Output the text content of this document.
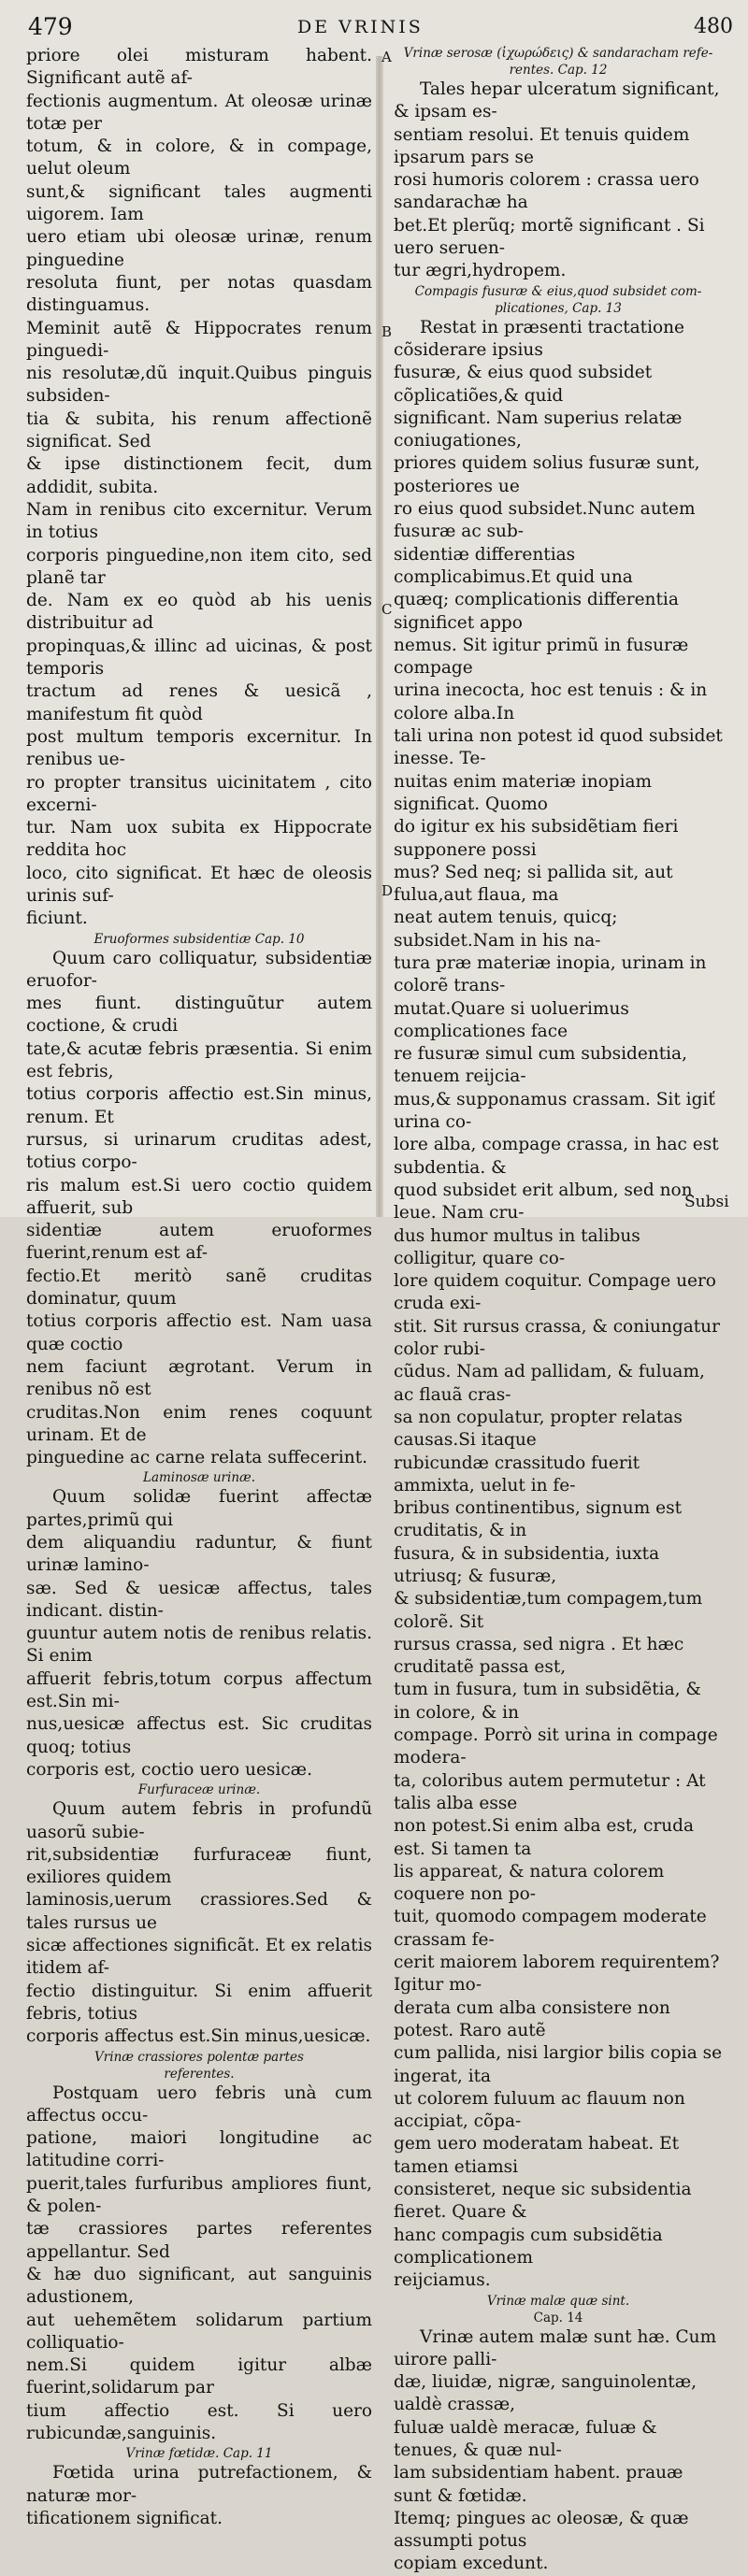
479	DE VRINIS	480

priore olei misturam habent. Significant autẽ af-
fectionis augmentum. At oleosæ urinæ totæ per
totum, & in colore, & in compage, uelut oleum
sunt,& significant tales augmenti uigorem. Iam
uero etiam ubi oleosæ urinæ, renum pinguedine
resoluta fiunt, per notas quasdam distinguamus.
Meminit autẽ & Hippocrates renum pinguedi-
nis resolutæ,dũ inquit.Quibus pinguis subsiden-
tia & subita, his renum affectionẽ significat. Sed
& ipse distinctionem fecit, dum addidit, subita.
Nam in renibus cito excernitur. Verum in totius
corporis pinguedine,non item cito, sed planẽ tar
de. Nam ex eo quòd ab his uenis distribuitur ad
propinquas,& illinc ad uicinas, & post temporis
tractum ad renes & uesicã , manifestum fit quòd
post multum temporis excernitur. In renibus ue-
ro propter transitus uicinitatem , cito excerni-
tur. Nam uox subita ex Hippocrate reddita hoc
loco, cito significat. Et hæc de oleosis urinis suf-
ficiunt.

Eruoformes subsidentiæ Cap. 10

Quum caro colliquatur, subsidentiæ eruofor-
mes fiunt. distinguũtur autem coctione, & crudi
tate,& acutæ febris præsentia. Si enim est febris,
totius corporis affectio est.Sin minus, renum. Et
rursus, si urinarum cruditas adest, totius corpo-
ris malum est.Si uero coctio quidem affuerit, sub
sidentiæ autem eruoformes fuerint,renum est af-
fectio.Et meritò sanẽ cruditas dominatur, quum
totius corporis affectio est. Nam uasa quæ coctio
nem faciunt ægrotant. Verum in renibus nõ est
cruditas.Non enim renes coquunt urinam. Et de
pinguedine ac carne relata suffecerint.

Laminosæ urinæ.

Quum solidæ fuerint affectæ partes,primũ qui
dem aliquandiu raduntur, & fiunt urinæ lamino-
sæ. Sed & uesicæ affectus, tales indicant. distin-
guuntur autem notis de renibus relatis. Si enim
affuerit febris,totum corpus affectum est.Sin mi-
nus,uesicæ affectus est. Sic cruditas quoq; totius
corporis est, coctio uero uesicæ.

Furfuraceæ urinæ.

Quum autem febris in profundũ uasorũ subie-
rit,subsidentiæ furfuraceæ fiunt, exiliores quidem
laminosis,uerum crassiores.Sed & tales rursus ue
sicæ affectiones significãt. Et ex relatis itidem af-
fectio distinguitur. Si enim affuerit febris, totius
corporis affectus est.Sin minus,uesicæ.

Vrinæ crassiores polentæ partes
referentes.

Postquam uero febris unà cum affectus occu-
patione, maiori longitudine ac latitudine corri-
puerit,tales furfuribus ampliores fiunt, & polen-
tæ crassiores partes referentes appellantur. Sed
& hæ duo significant, aut sanguinis adustionem,
aut uehemẽtem solidarum partium colliquatio-
nem.Si quidem igitur albæ fuerint,solidarum par
tium affectio est. Si uero rubicundæ,sanguinis.

Vrinæ fœtidæ. Cap. 11

Fœtida urina putrefactionem, & naturæ mor-
tificationem significat.

Vrinæ serosæ (ἰχωρώδεις) & sandaracham refe-
rentes. Cap. 12

Tales hepar ulceratum significant, & ipsam es-
sentiam resolui. Et tenuis quidem ipsarum pars se
rosi humoris colorem : crassa uero sandarachæ ha
bet.Et plerũq; mortẽ significant . Si uero seruen-
tur ægri,hydropem.

Compagis fusuræ & eius,quod subsidet com-
plicationes, Cap. 13

Restat in præsenti tractatione cõsiderare ipsius
fusuræ, & eius quod subsidet cõplicatiões,& quid
significant. Nam superius relatæ coniugationes,
priores quidem solius fusuræ sunt, posteriores ue
ro eius quod subsidet.Nunc autem fusuræ ac sub-
sidentiæ differentias complicabimus.Et quid una
quæq; complicationis differentia significet appo
nemus. Sit igitur primũ in fusuræ compage
urina inecocta, hoc est tenuis : & in colore alba.In
tali urina non potest id quod subsidet inesse. Te-
nuitas enim materiæ inopiam significat. Quomo
do igitur ex his subsidẽtiam fieri supponere possi
mus? Sed neq; si pallida sit, aut fulua,aut flaua, ma
neat autem tenuis, quicq; subsidet.Nam in his na-
tura præ materiæ inopia, urinam in colorẽ trans-
mutat.Quare si uoluerimus complicationes face
re fusuræ simul cum subsidentia, tenuem reijcia-
mus,& supponamus crassam. Sit igiť urina co-
lore alba, compage crassa, in hac est subdentia. &
quod subsidet erit album, sed non leue. Nam cru-
dus humor multus in talibus colligitur, quare co-
lore quidem coquitur. Compage uero cruda exi-
stit. Sit rursus crassa, & coniungatur color rubi-
cũdus. Nam ad pallidam, & fuluam, ac flauã cras-
sa non copulatur, propter relatas causas.Si itaque
rubicundæ crassitudo fuerit ammixta, uelut in fe-
bribus continentibus, signum est cruditatis, & in
fusura, & in subsidentia, iuxta utriusq; & fusuræ,
& subsidentiæ,tum compagem,tum colorẽ. Sit
rursus crassa, sed nigra . Et hæc cruditatẽ passa est,
tum in fusura, tum in subsidẽtia, & in colore, & in
compage. Porrò sit urina in compage modera-
ta, coloribus autem permutetur : At talis alba esse
non potest.Si enim alba est, cruda est. Si tamen ta
lis appareat, & natura colorem coquere non po-
tuit, quomodo compagem moderate crassam fe-
cerit maiorem laborem requirentem? Igitur mo-
derata cum alba consistere non potest. Raro autẽ
cum pallida, nisi largior bilis copia se ingerat, ita
ut colorem fuluum ac flauum non accipiat, cõpa-
gem uero moderatam habeat. Et tamen etiamsi
consisteret, neque sic subsidentia fieret. Quare &
hanc compagis cum subsidẽtia complicationem
reijciamus.

Vrinæ malæ quæ sint.

Cap. 14

Vrinæ autem malæ sunt hæ. Cum uirore palli-
dæ, liuidæ, nigræ, sanguinolentæ, ualdè crassæ,
fuluæ ualdè meracæ, fuluæ & tenues, & quæ nul-
lam subsidentiam habent. prauæ sunt & fœtidæ.
Itemq; pingues ac oleosæ, & quæ assumpti potus
copiam excedunt.

A
B
C
D
Subsi
